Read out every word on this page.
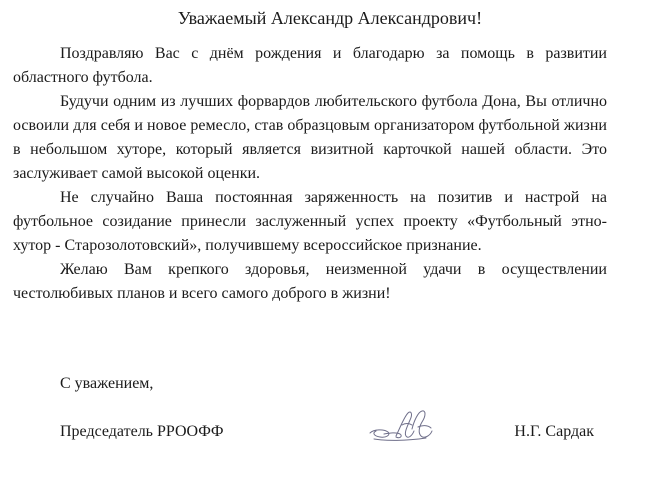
Уважаемый Александр Александрович!

Поздравляю Вас с днём рождения и благодарю за помощь в развитии областного футбола.

Будучи одним из лучших форвардов любительского футбола Дона, Вы отлично освоили для себя и новое ремесло, став образцовым организатором футбольной жизни в небольшом хуторе, который является визитной карточкой нашей области. Это заслуживает самой высокой оценки.

Не случайно Ваша постоянная заряженность на позитив и настрой на футбольное созидание принесли заслуженный успех проекту «Футбольный этно-хутор - Старозолотовский», получившему всероссийское признание.

Желаю Вам крепкого здоровья, неизменной удачи в осуществлении честолюбивых планов и всего самого доброго в жизни!

С уважением,

Председатель РРООФФ	Н.Г. Сардак
